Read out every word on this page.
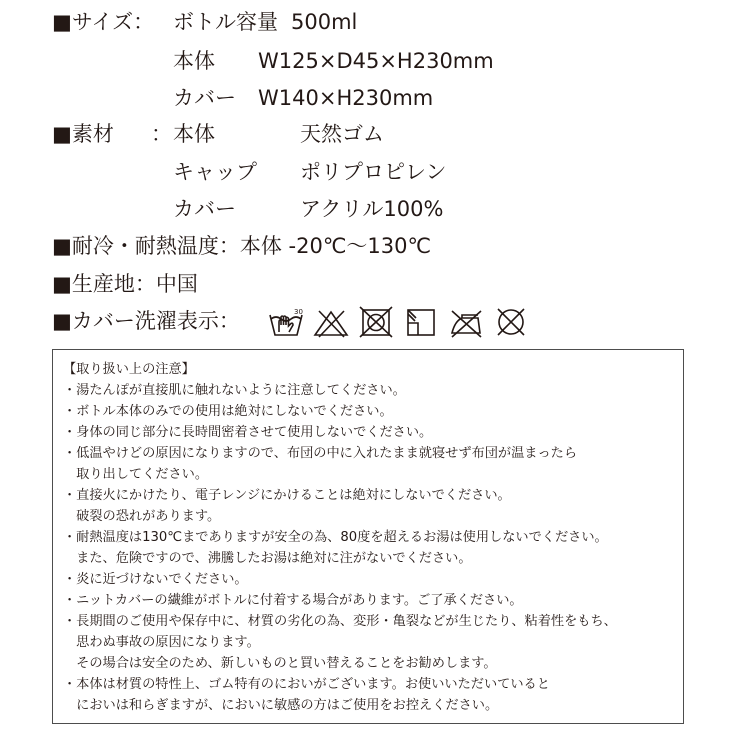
■サイズ： ボトル容量 500ml
本体 W125×D45×H230mm
カバー W140×H230mm
■素材 ： 本体	天然ゴム
キャップ ポリプロピレン
カバー	アクリル100%
■耐冷・耐熱温度：本体 -20℃～130℃
■生産地：中国
■カバー洗濯表示：	30
【取り扱い上の注意】
・湯たんぽが直接肌に触れないように注意してください。
・ボトル本体のみでの使用は絶対にしないでください。
・身体の同じ部分に長時間密着させて使用しないでください。
・低温やけどの原因になりますので、布団の中に入れたまま就寝せず布団が温まったら
　取り出してください。
・直接火にかけたり、電子レンジにかけることは絶対にしないでください。
　破裂の恐れがあります。
・耐熱温度は130℃までありますが安全の為、80度を超えるお湯は使用しないでください。
　また、危険ですので、沸騰したお湯は絶対に注がないでください。
・炎に近づけないでください。
・ニットカバーの繊維がボトルに付着する場合があります。ご了承ください。
・長期間のご使用や保存中に、材質の劣化の為、変形・亀裂などが生じたり、粘着性をもち、
　思わぬ事故の原因になります。
　その場合は安全のため、新しいものと買い替えることをお勧めします。
・本体は材質の特性上、ゴム特有のにおいがございます。お使いいただいていると
　においは和らぎますが、においに敏感の方はご使用をお控えください。
